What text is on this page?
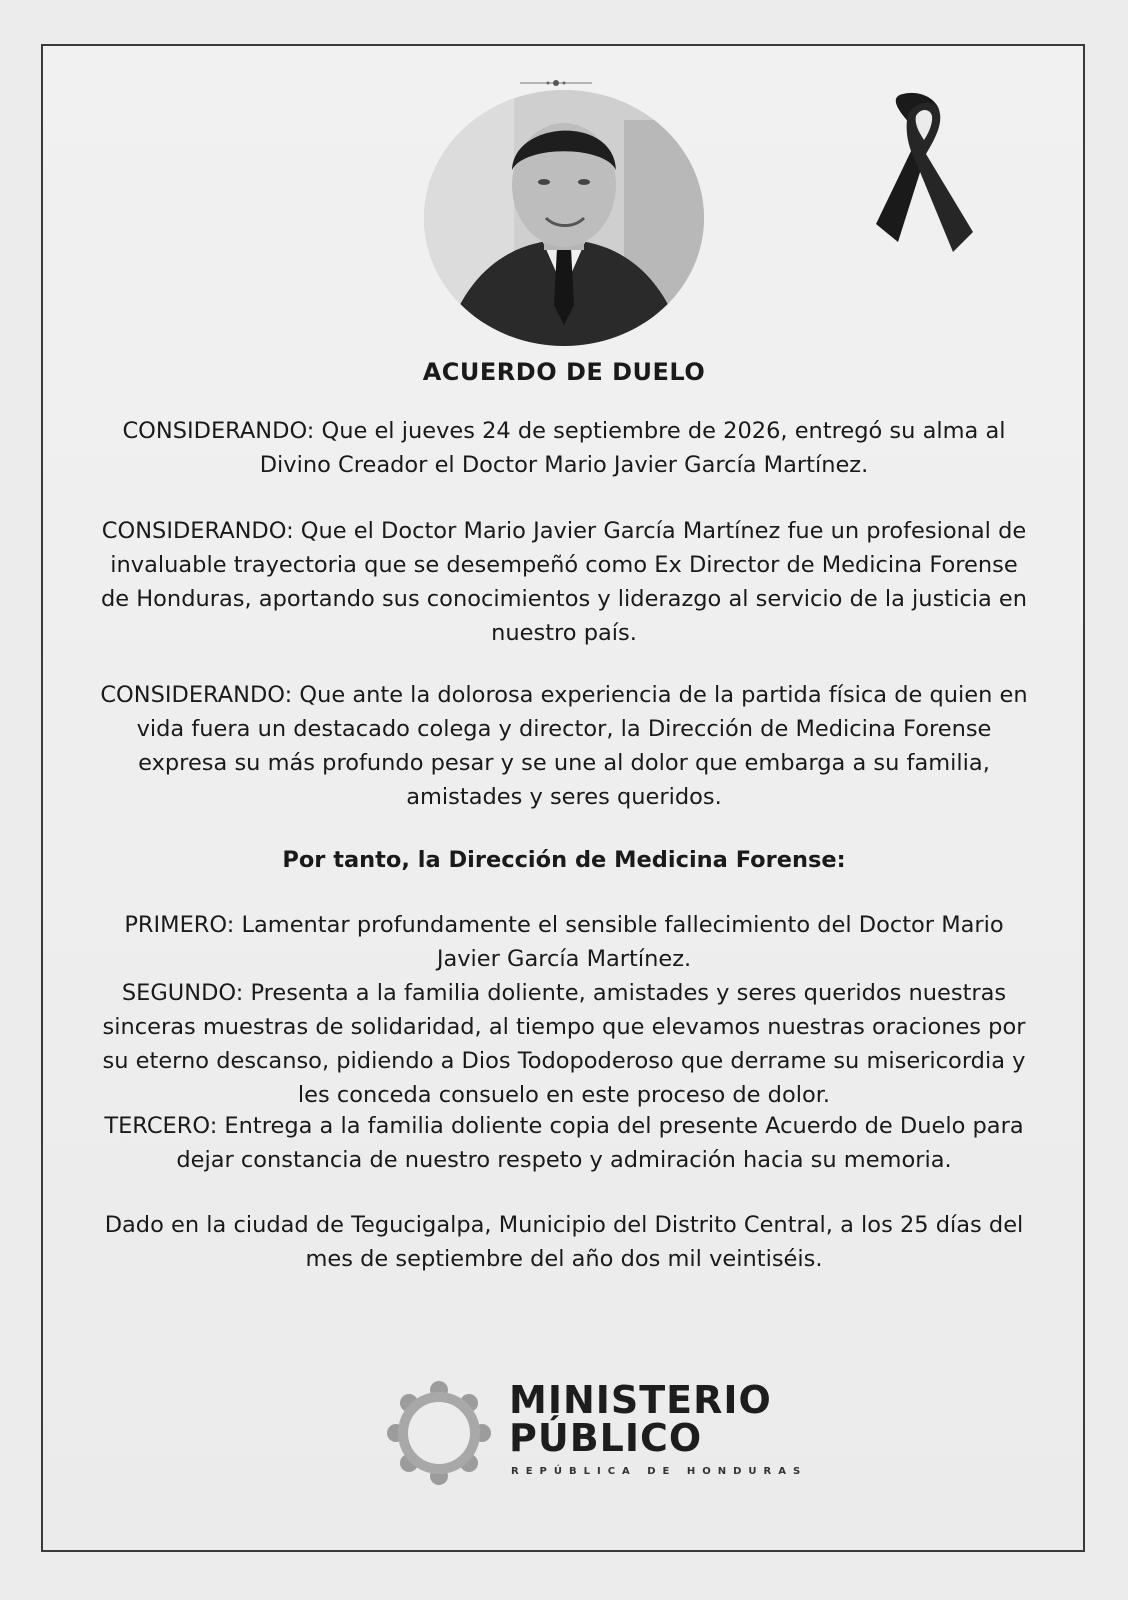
ACUERDO DE DUELO

CONSIDERANDO: Que el jueves 24 de septiembre de 2026, entregó su alma al Divino Creador el Doctor Mario Javier García Martínez.

CONSIDERANDO: Que el Doctor Mario Javier García Martínez fue un profesional de invaluable trayectoria que se desempeñó como Ex Director de Medicina Forense de Honduras, aportando sus conocimientos y liderazgo al servicio de la justicia en nuestro país.

CONSIDERANDO: Que ante la dolorosa experiencia de la partida física de quien en vida fuera un destacado colega y director, la Dirección de Medicina Forense expresa su más profundo pesar y se une al dolor que embarga a su familia, amistades y seres queridos.

Por tanto, la Dirección de Medicina Forense:

PRIMERO: Lamentar profundamente el sensible fallecimiento del Doctor Mario Javier García Martínez.

SEGUNDO: Presenta a la familia doliente, amistades y seres queridos nuestras sinceras muestras de solidaridad, al tiempo que elevamos nuestras oraciones por su eterno descanso, pidiendo a Dios Todopoderoso que derrame su misericordia y les conceda consuelo en este proceso de dolor.

TERCERO: Entrega a la familia doliente copia del presente Acuerdo de Duelo para dejar constancia de nuestro respeto y admiración hacia su memoria.

Dado en la ciudad de Tegucigalpa, Municipio del Distrito Central, a los 25 días del mes de septiembre del año dos mil veintiséis.

MINISTERIO
PÚBLICO
REPÚBLICA DE HONDURAS
